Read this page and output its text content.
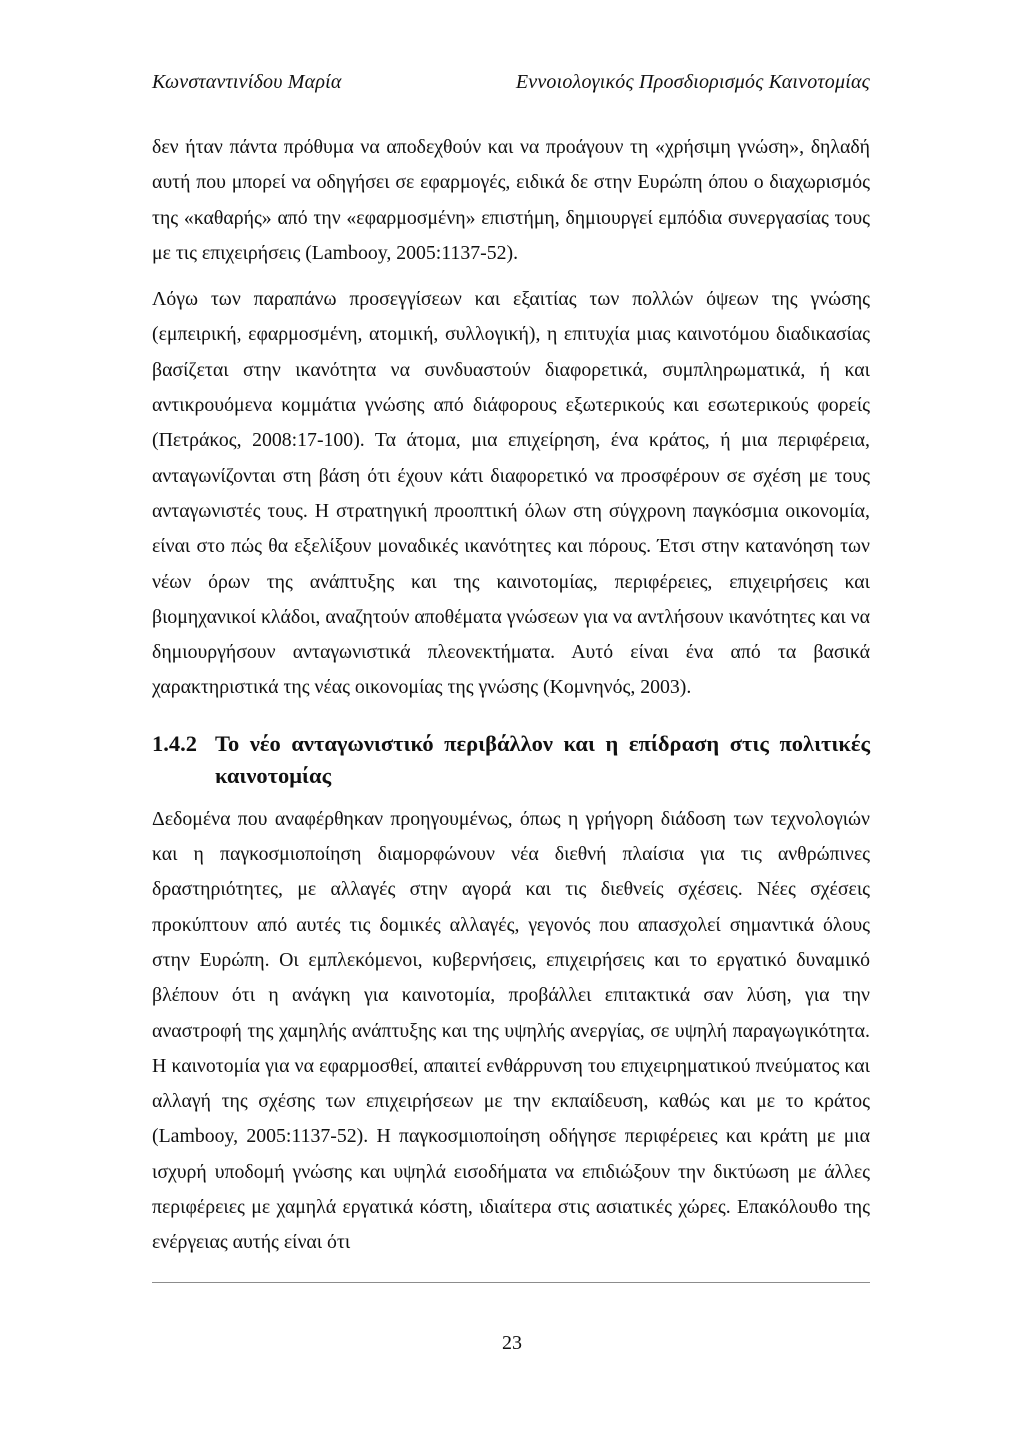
Κωνσταντινίδου Μαρία	Εννοιολογικός Προσδιορισμός Καινοτομίας

δεν ήταν πάντα πρόθυμα να αποδεχθούν και να προάγουν τη «χρήσιμη γνώση», δηλαδή αυτή που μπορεί να οδηγήσει σε εφαρμογές, ειδικά δε στην Ευρώπη όπου ο διαχωρισμός της «καθαρής» από την «εφαρμοσμένη» επιστήμη, δημιουργεί εμπόδια συνεργασίας τους με τις επιχειρήσεις (Lambooy, 2005:1137-52).

Λόγω των παραπάνω προσεγγίσεων και εξαιτίας των πολλών όψεων της γνώσης (εμπειρική, εφαρμοσμένη, ατομική, συλλογική), η επιτυχία μιας καινοτόμου διαδικασίας βασίζεται στην ικανότητα να συνδυαστούν διαφορετικά, συμπληρωματικά, ή και αντικρουόμενα κομμάτια γνώσης από διάφορους εξωτερικούς και εσωτερικούς φορείς (Πετράκος, 2008:17-100). Τα άτομα, μια επιχείρηση, ένα κράτος, ή μια περιφέρεια, ανταγωνίζονται στη βάση ότι έχουν κάτι διαφορετικό να προσφέρουν σε σχέση με τους ανταγωνιστές τους. Η στρατηγική προοπτική όλων στη σύγχρονη παγκόσμια οικονομία, είναι στο πώς θα εξελίξουν μοναδικές ικανότητες και πόρους. Έτσι στην κατανόηση των νέων όρων της ανάπτυξης και της καινοτομίας, περιφέρειες, επιχειρήσεις και βιομηχανικοί κλάδοι, αναζητούν αποθέματα γνώσεων για να αντλήσουν ικανότητες και να δημιουργήσουν ανταγωνιστικά πλεονεκτήματα. Αυτό είναι ένα από τα βασικά χαρακτηριστικά της νέας οικονομίας της γνώσης (Κομνηνός, 2003).

1.4.2 Το νέο ανταγωνιστικό περιβάλλον και η επίδραση στις πολιτικές καινοτομίας

Δεδομένα που αναφέρθηκαν προηγουμένως, όπως η γρήγορη διάδοση των τεχνολογιών και η παγκοσμιοποίηση διαμορφώνουν νέα διεθνή πλαίσια για τις ανθρώπινες δραστηριότητες, με αλλαγές στην αγορά και τις διεθνείς σχέσεις. Νέες σχέσεις προκύπτουν από αυτές τις δομικές αλλαγές, γεγονός που απασχολεί σημαντικά όλους στην Ευρώπη. Οι εμπλεκόμενοι, κυβερνήσεις, επιχειρήσεις και το εργατικό δυναμικό βλέπουν ότι η ανάγκη για καινοτομία, προβάλλει επιτακτικά σαν λύση, για την αναστροφή της χαμηλής ανάπτυξης και της υψηλής ανεργίας, σε υψηλή παραγωγικότητα. Η καινοτομία για να εφαρμοσθεί, απαιτεί ενθάρρυνση του επιχειρηματικού πνεύματος και αλλαγή της σχέσης των επιχειρήσεων με την εκπαίδευση, καθώς και με το κράτος (Lambooy, 2005:1137-52). Η παγκοσμιοποίηση οδήγησε περιφέρειες και κράτη με μια ισχυρή υποδομή γνώσης και υψηλά εισοδήματα να επιδιώξουν την δικτύωση με άλλες περιφέρειες με χαμηλά εργατικά κόστη, ιδιαίτερα στις ασιατικές χώρες. Επακόλουθο της ενέργειας αυτής είναι ότι

23
